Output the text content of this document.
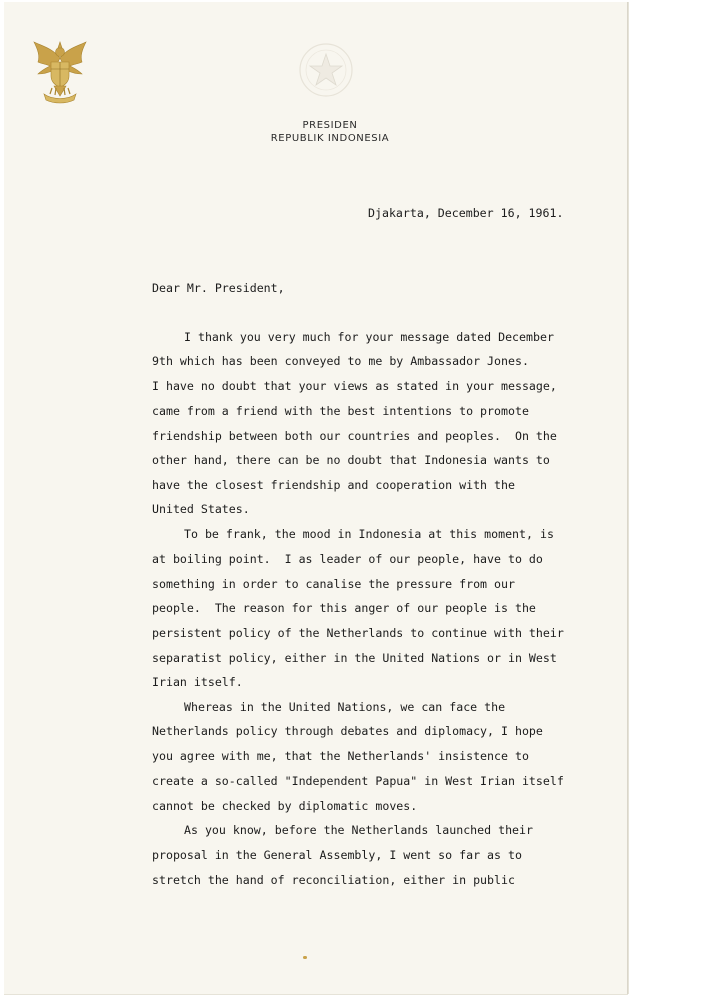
PRESIDEN
REPUBLIK INDONESIA
Djakarta, December 16, 1961.
Dear Mr. President,
I thank you very much for your message dated December
9th which has been conveyed to me by Ambassador Jones.
I have no doubt that your views as stated in your message,
came from a friend with the best intentions to promote
friendship between both our countries and peoples.  On the
other hand, there can be no doubt that Indonesia wants to
have the closest friendship and cooperation with the
United States.
To be frank, the mood in Indonesia at this moment, is
at boiling point.  I as leader of our people, have to do
something in order to canalise the pressure from our
people.  The reason for this anger of our people is the
persistent policy of the Netherlands to continue with their
separatist policy, either in the United Nations or in West
Irian itself.
Whereas in the United Nations, we can face the
Netherlands policy through debates and diplomacy, I hope
you agree with me, that the Netherlands' insistence to
create a so-called "Independent Papua" in West Irian itself
cannot be checked by diplomatic moves.
As you know, before the Netherlands launched their
proposal in the General Assembly, I went so far as to
stretch the hand of reconciliation, either in public
